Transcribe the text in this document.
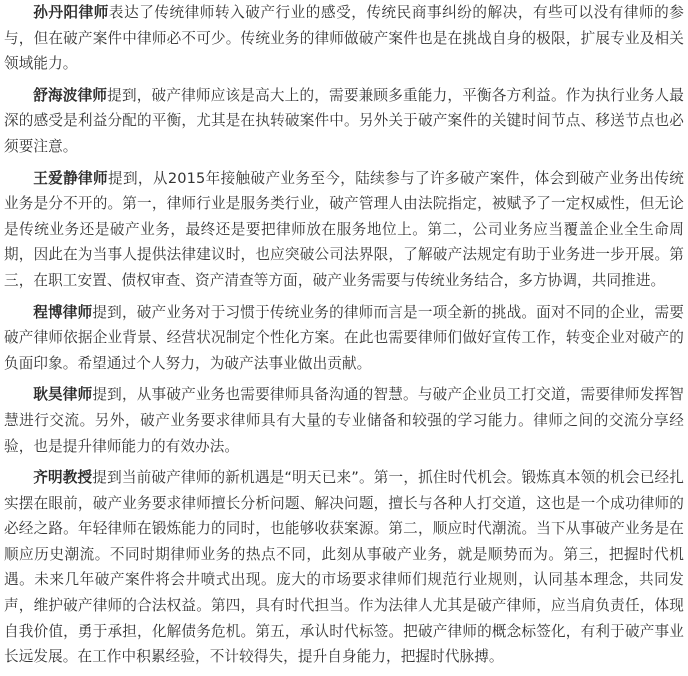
孙丹阳律师表达了传统律师转入破产行业的感受，传统民商事纠纷的解决，有些可以没有律师的参与，但在破产案件中律师必不可少。传统业务的律师做破产案件也是在挑战自身的极限，扩展专业及相关领域能力。

舒海波律师提到，破产律师应该是高大上的，需要兼顾多重能力，平衡各方利益。作为执行业务人最深的感受是利益分配的平衡，尤其是在执转破案件中。另外关于破产案件的关键时间节点、移送节点也必须要注意。

王爱静律师提到，从2015年接触破产业务至今，陆续参与了许多破产案件，体会到破产业务出传统业务是分不开的。第一，律师行业是服务类行业，破产管理人由法院指定，被赋予了一定权威性，但无论是传统业务还是破产业务，最终还是要把律师放在服务地位上。第二，公司业务应当覆盖企业全生命周期，因此在为当事人提供法律建议时，也应突破公司法界限，了解破产法规定有助于业务进一步开展。第三，在职工安置、债权审查、资产清查等方面，破产业务需要与传统业务结合，多方协调，共同推进。

程博律师提到，破产业务对于习惯于传统业务的律师而言是一项全新的挑战。面对不同的企业，需要破产律师依据企业背景、经营状况制定个性化方案。在此也需要律师们做好宣传工作，转变企业对破产的负面印象。希望通过个人努力，为破产法事业做出贡献。

耿昊律师提到，从事破产业务也需要律师具备沟通的智慧。与破产企业员工打交道，需要律师发挥智慧进行交流。另外，破产业务要求律师具有大量的专业储备和较强的学习能力。律师之间的交流分享经验，也是提升律师能力的有效办法。

齐明教授提到当前破产律师的新机遇是“明天已来”。第一，抓住时代机会。锻炼真本领的机会已经扎实摆在眼前，破产业务要求律师擅长分析问题、解决问题，擅长与各种人打交道，这也是一个成功律师的必经之路。年轻律师在锻炼能力的同时，也能够收获案源。第二，顺应时代潮流。当下从事破产业务是在顺应历史潮流。不同时期律师业务的热点不同，此刻从事破产业务，就是顺势而为。第三，把握时代机遇。未来几年破产案件将会井喷式出现。庞大的市场要求律师们规范行业规则，认同基本理念，共同发声，维护破产律师的合法权益。第四，具有时代担当。作为法律人尤其是破产律师，应当肩负责任，体现自我价值，勇于承担，化解债务危机。第五，承认时代标签。把破产律师的概念标签化，有利于破产事业长远发展。在工作中积累经验，不计较得失，提升自身能力，把握时代脉搏。
